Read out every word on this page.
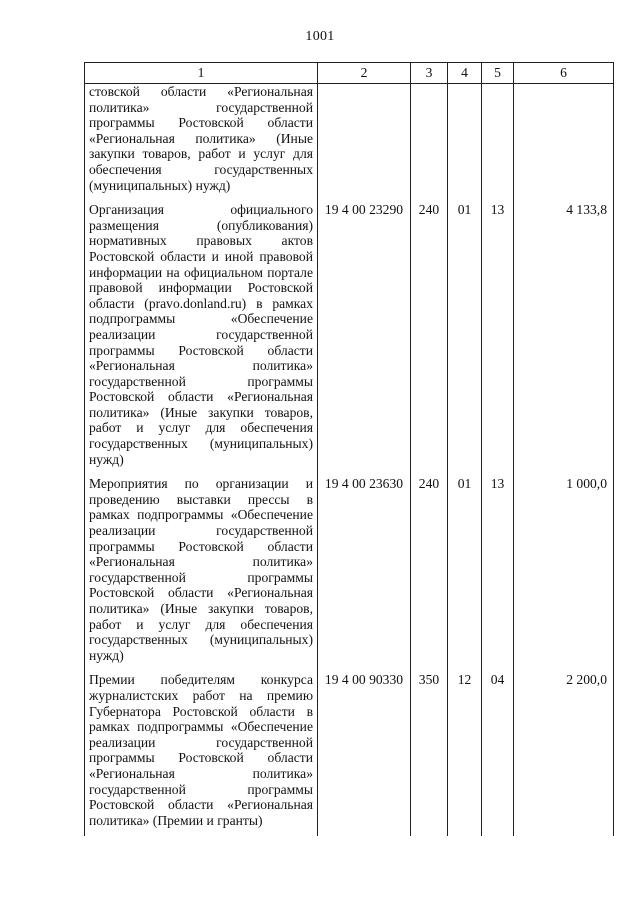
1001
1	2	3	4	5	6
стовской области «Региональная политика» государственной программы Ростовской области «Региональная политика» (Иные закупки товаров, работ и услуг для обеспечения государственных (муниципальных) нужд)					
Организация официального размещения (опубликования) нормативных правовых актов Ростовской области и иной правовой информации на официальном портале правовой информации Ростовской области (pravo.donland.ru) в рамках подпрограммы «Обеспечение реализации государственной программы Ростовской области «Региональная политика» государственной программы Ростовской области «Региональная политика» (Иные закупки товаров, работ и услуг для обеспечения государственных (муниципальных) нужд)	19 4 00 23290	240	01	13	4 133,8
Мероприятия по организации и проведению выставки прессы в рамках подпрограммы «Обеспечение реализации государственной программы Ростовской области «Региональная политика» государственной программы Ростовской области «Региональная политика» (Иные закупки товаров, работ и услуг для обеспечения государственных (муниципальных) нужд)	19 4 00 23630	240	01	13	1 000,0
Премии победителям конкурса журналистских работ на премию Губернатора Ростовской области в рамках подпрограммы «Обеспечение реализации государственной программы Ростовской области «Региональная политика» государственной программы Ростовской области «Региональная политика» (Премии и гранты)	19 4 00 90330	350	12	04	2 200,0
